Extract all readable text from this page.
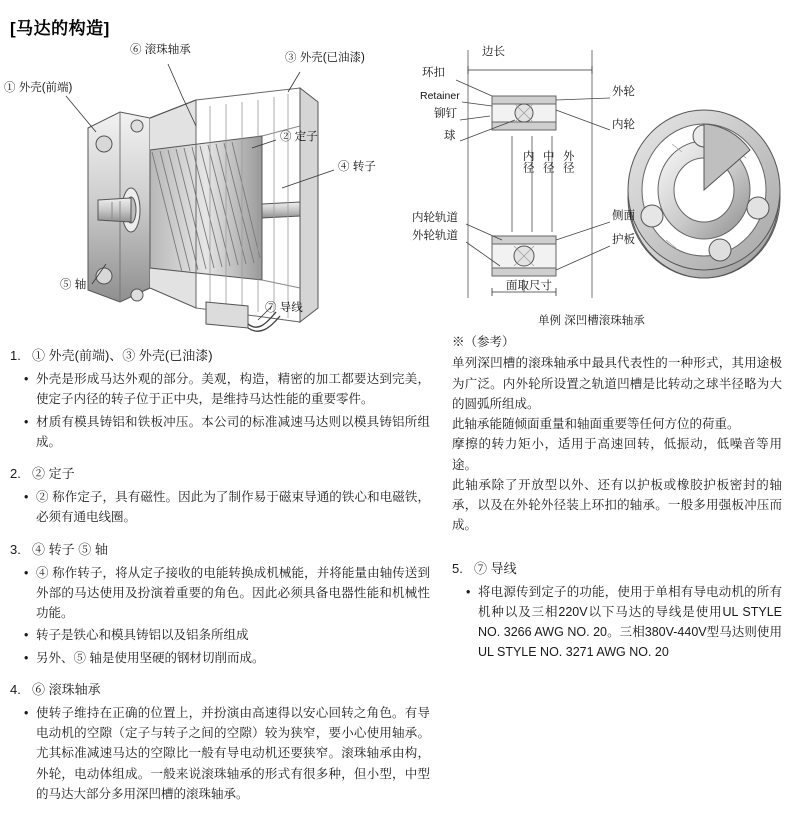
[马达的构造]
⑥ 滚珠轴承
③ 外壳(已油漆)
① 外壳(前端)
② 定子
④ 转子
⑤ 轴
⑦ 导线
边长
环扣
Retainer
铆钉
球
外轮
内轮
内径 中径 外径
内轮轨道
外轮轨道
侧面
护板
面取尺寸
单例 深凹槽滚珠轴承
1. ① 外壳(前端)、③ 外壳(已油漆)
• 外壳是形成马达外观的部分。美观，构造，精密的加工都要达到完美，使定子内径的转子位于正中央，是维持马达性能的重要零件。
• 材质有模具铸铝和铁板冲压。本公司的标准减速马达则以模具铸铝所组成。
2. ② 定子
• ② 称作定子，具有磁性。因此为了制作易于磁束导通的铁心和电磁铁，必须有通电线圈。
3. ④ 转子 ⑤ 轴
• ④ 称作转子，将从定子接收的电能转换成机械能，并将能量由轴传送到外部的马达使用及扮演着重要的角色。因此必须具备电器性能和机械性功能。
• 转子是铁心和模具铸铝以及铝条所组成
• 另外、⑤ 轴是使用坚硬的钢材切削而成。
4. ⑥ 滚珠轴承
• 使转子维持在正确的位置上，并扮演由高速得以安心回转之角色。有导电动机的空隙（定子与转子之间的空隙）较为狭窄，要小心使用轴承。尤其标准减速马达的空隙比一般有导电动机还要狭窄。滚珠轴承由构，外轮，电动体组成。一般来说滚珠轴承的形式有很多种，但小型，中型的马达大部分多用深凹槽的滚珠轴承。
※（参考）

单列深凹槽的滚珠轴承中最具代表性的一种形式，其用途极为广泛。内外轮所设置之轨道凹槽是比转动之球半径略为大的圆弧所组成。

此轴承能随倾面重量和轴面重要等任何方位的荷重。

摩擦的转力矩小，适用于高速回转，低振动，低噪音等用途。

此轴承除了开放型以外、还有以护板或橡胶护板密封的轴承，以及在外轮外径装上环扣的轴承。一般多用强板冲压而成。

5. ⑦ 导线
• 将电源传到定子的功能，使用于单相有导电动机的所有机种以及三相220V以下马达的导线是使用UL STYLE NO. 3266 AWG NO. 20。三相380V-440V型马达则使用UL STYLE NO. 3271 AWG NO. 20
